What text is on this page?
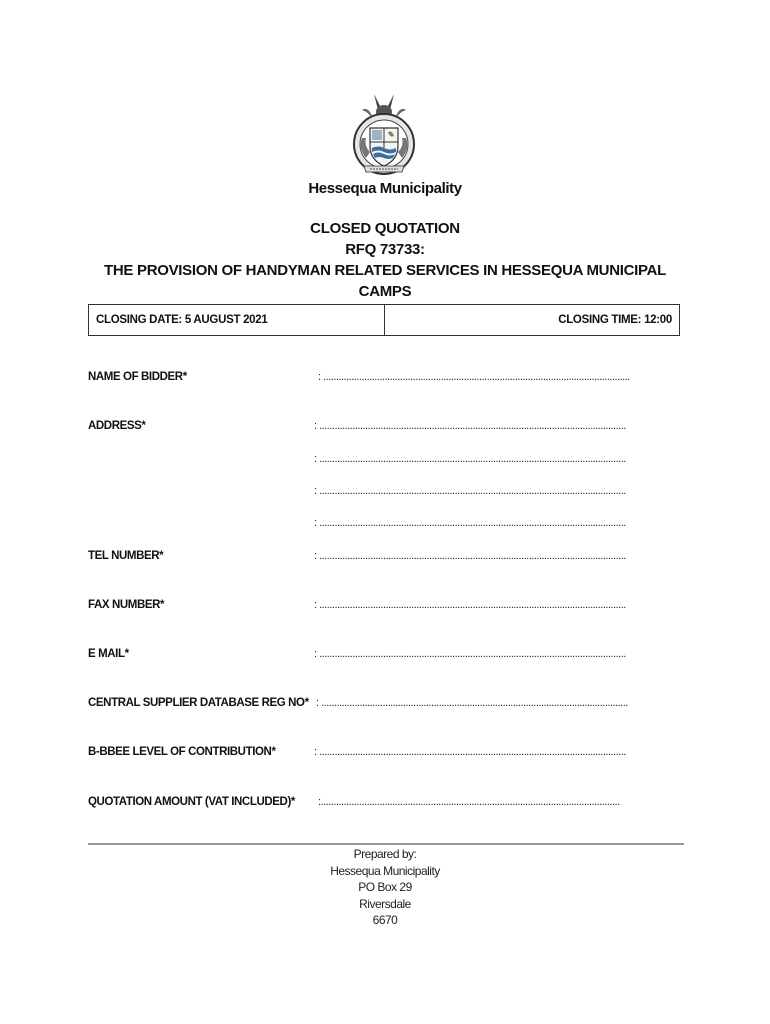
Hessequa Municipality
CLOSED QUOTATION
RFQ 73733:
THE PROVISION OF HANDYMAN RELATED SERVICES IN HESSEQUA MUNICIPAL
CAMPS
CLOSING DATE: 5 AUGUST 2021	CLOSING TIME: 12:00
NAME OF BIDDER*	: ........................................................................................................................
ADDRESS*	: ........................................................................................................................
: ........................................................................................................................
: ........................................................................................................................
: ........................................................................................................................
TEL NUMBER*	: ........................................................................................................................
FAX NUMBER*	: ........................................................................................................................
E MAIL*	: ........................................................................................................................
CENTRAL SUPPLIER DATABASE REG NO* : ........................................................................................................................
B-BBEE LEVEL OF CONTRIBUTION*	: ........................................................................................................................
QUOTATION AMOUNT (VAT INCLUDED)* :.....................................................................................................................
Prepared by:
Hessequa Municipality
PO Box 29
Riversdale
6670
